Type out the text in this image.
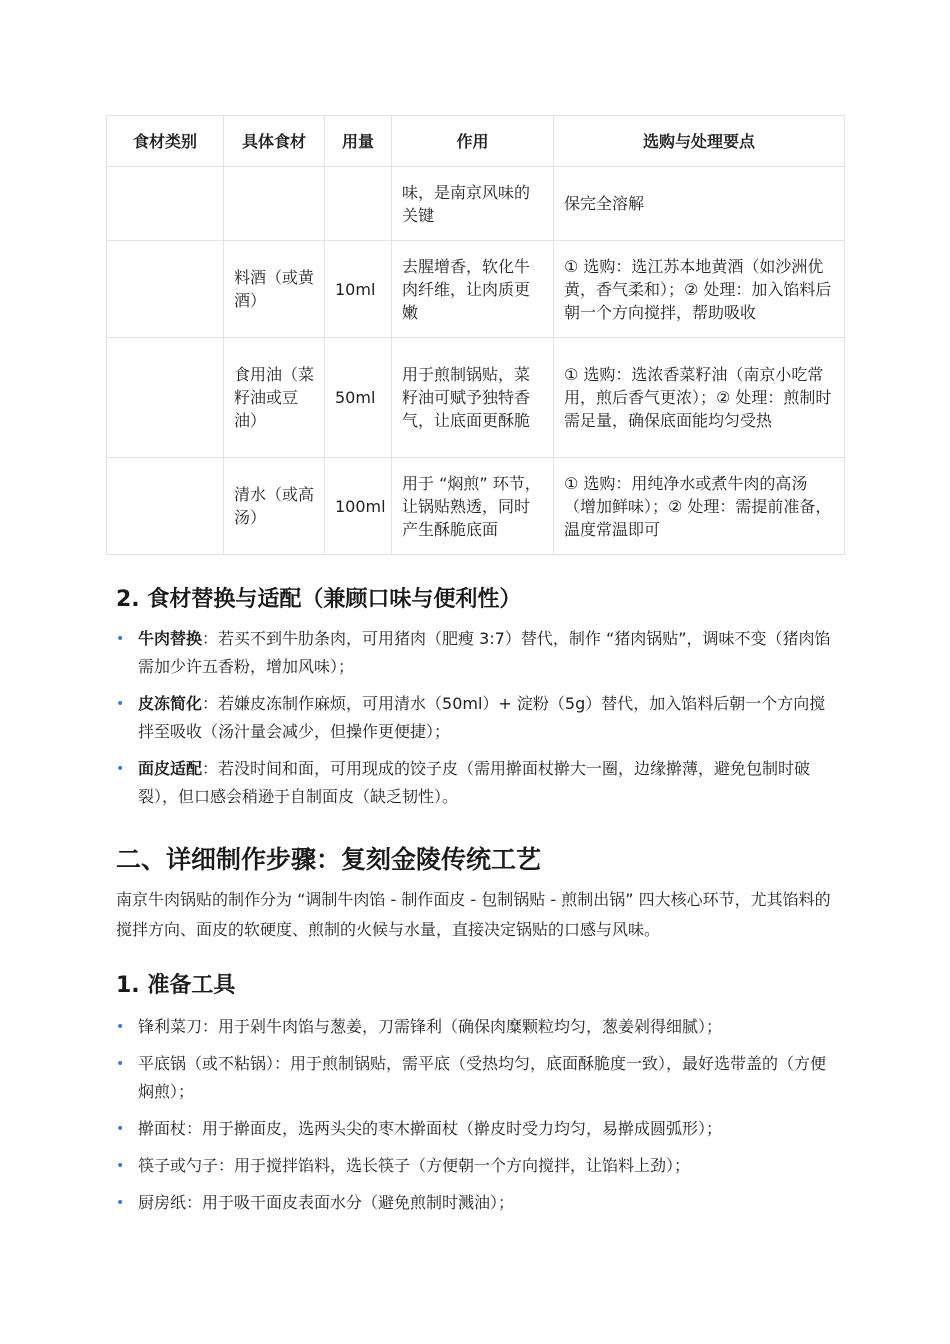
食材类别	具体食材	用量	作用	选购与处理要点
			味，是南京风味的关键	保完全溶解
	料酒（或黄酒）	10ml	去腥增香，软化牛肉纤维，让肉质更嫩	① 选购：选江苏本地黄酒（如沙洲优黄，香气柔和）；② 处理：加入馅料后朝一个方向搅拌，帮助吸收
	食用油（菜籽油或豆油）	50ml	用于煎制锅贴，菜籽油可赋予独特香气，让底面更酥脆	① 选购：选浓香菜籽油（南京小吃常用，煎后香气更浓）；② 处理：煎制时需足量，确保底面能均匀受热
	清水（或高汤）	100ml	用于 “焖煎” 环节，让锅贴熟透，同时产生酥脆底面	① 选购：用纯净水或煮牛肉的高汤（增加鲜味）；② 处理：需提前准备，温度常温即可
2. 食材替换与适配（兼顾口味与便利性）
• 牛肉替换：若买不到牛肋条肉，可用猪肉（肥瘦 3:7）替代，制作 “猪肉锅贴”，调味不变（猪肉馅需加少许五香粉，增加风味）；
• 皮冻简化：若嫌皮冻制作麻烦，可用清水（50ml）+ 淀粉（5g）替代，加入馅料后朝一个方向搅拌至吸收（汤汁量会减少，但操作更便捷）；
• 面皮适配：若没时间和面，可用现成的饺子皮（需用擀面杖擀大一圈，边缘擀薄，避免包制时破裂），但口感会稍逊于自制面皮（缺乏韧性）。
二、详细制作步骤：复刻金陵传统工艺

南京牛肉锅贴的制作分为 “调制牛肉馅 - 制作面皮 - 包制锅贴 - 煎制出锅” 四大核心环节，尤其馅料的搅拌方向、面皮的软硬度、煎制的火候与水量，直接决定锅贴的口感与风味。

1. 准备工具
• 锋利菜刀：用于剁牛肉馅与葱姜，刀需锋利（确保肉糜颗粒均匀，葱姜剁得细腻）；
• 平底锅（或不粘锅）：用于煎制锅贴，需平底（受热均匀，底面酥脆度一致），最好选带盖的（方便焖煎）；
• 擀面杖：用于擀面皮，选两头尖的枣木擀面杖（擀皮时受力均匀，易擀成圆弧形）；
• 筷子或勺子：用于搅拌馅料，选长筷子（方便朝一个方向搅拌，让馅料上劲）；
• 厨房纸：用于吸干面皮表面水分（避免煎制时溅油）；
